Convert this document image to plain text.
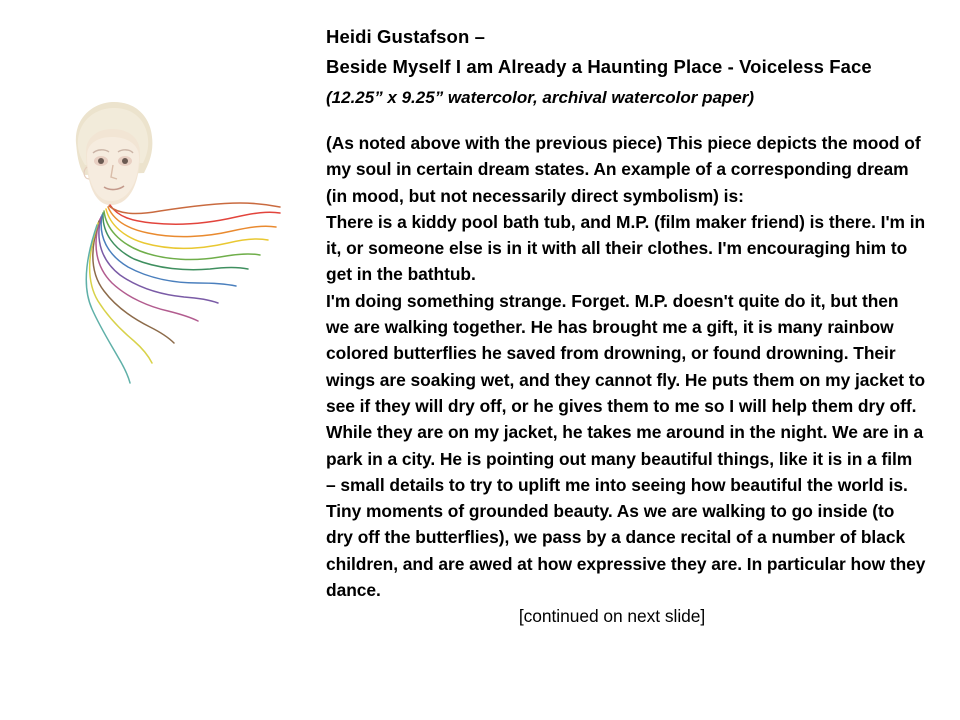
Heidi Gustafson –
Beside Myself I am Already a Haunting Place - Voiceless Face
(12.25” x 9.25” watercolor, archival watercolor paper)

(As noted above with the previous piece) This piece depicts the mood of my soul in certain dream states. An example of a corresponding dream (in mood, but not necessarily direct symbolism) is:

There is a kiddy pool bath tub, and M.P. (film maker friend) is there. I'm in it, or someone else is in it with all their clothes. I'm encouraging him to get in the bathtub.

I'm doing something strange. Forget. M.P. doesn't quite do it, but then we are walking together. He has brought me a gift, it is many rainbow colored butterflies he saved from drowning, or found drowning. Their wings are soaking wet, and they cannot fly. He puts them on my jacket to see if they will dry off, or he gives them to me so I will help them dry off. While they are on my jacket, he takes me around in the night. We are in a park in a city. He is pointing out many beautiful things, like it is in a film – small details to try to uplift me into seeing how beautiful the world is. Tiny moments of grounded beauty. As we are walking to go inside (to dry off the butterflies), we pass by a dance recital of a number of black children, and are awed at how expressive they are. In particular how they dance.

[continued on next slide]
